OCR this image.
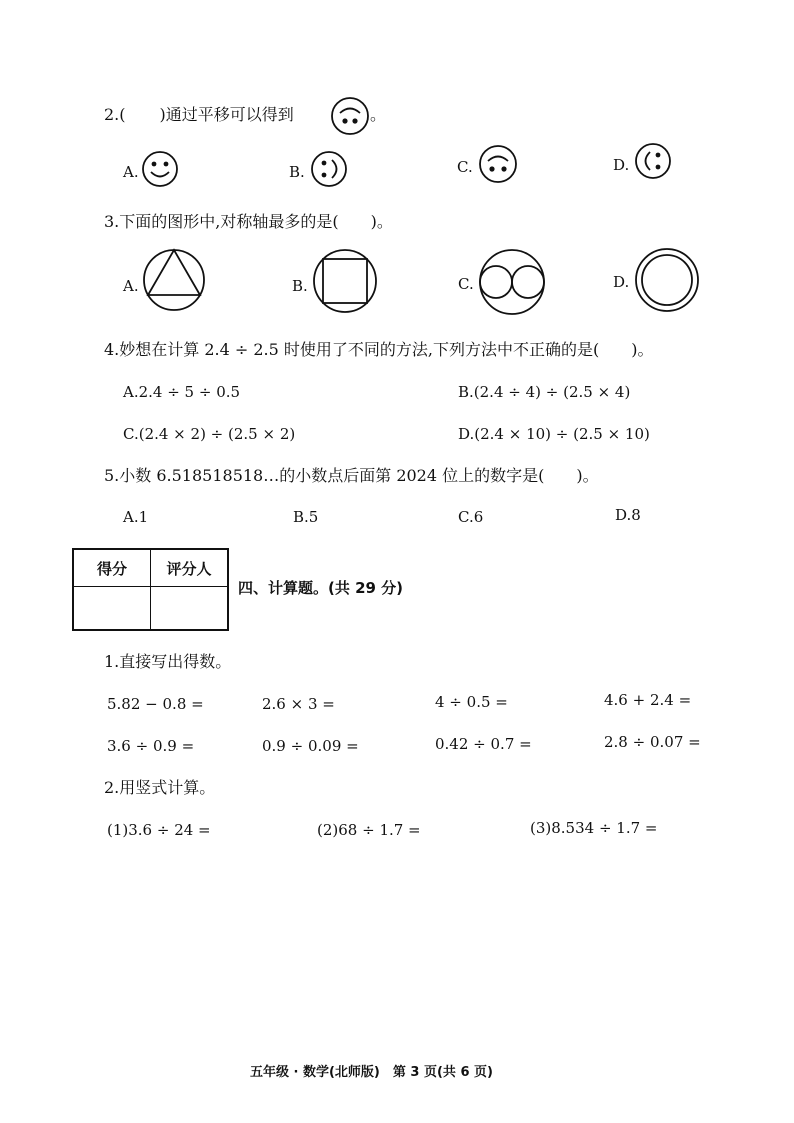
2.( )通过平移可以得到	。
A.	B.	C.	D.
3.下面的图形中,对称轴最多的是(　　)。
A.	B.	C.	D.
4.妙想在计算 2.4 ÷ 2.5 时使用了不同的方法,下列方法中不正确的是(　　)。
A.2.4 ÷ 5 ÷ 0.5	B.(2.4 ÷ 4) ÷ (2.5 × 4)
C.(2.4 × 2) ÷ (2.5 × 2)	D.(2.4 × 10) ÷ (2.5 × 10)
5.小数 6.518518518…的小数点后面第 2024 位上的数字是(　　)。
A.1	B.5	C.6	D.8
得分	评分人

四、计算题。(共 29 分)
1.直接写出得数。
5.82 − 0.8 =	2.6 × 3 =	4 ÷ 0.5 =	4.6 + 2.4 =
3.6 ÷ 0.9 =	0.9 ÷ 0.09 =	0.42 ÷ 0.7 =	2.8 ÷ 0.07 =
2.用竖式计算。
(1)3.6 ÷ 24 =	(2)68 ÷ 1.7 =	(3)8.534 ÷ 1.7 =
五年级 · 数学(北师版)　第 3 页(共 6 页)
